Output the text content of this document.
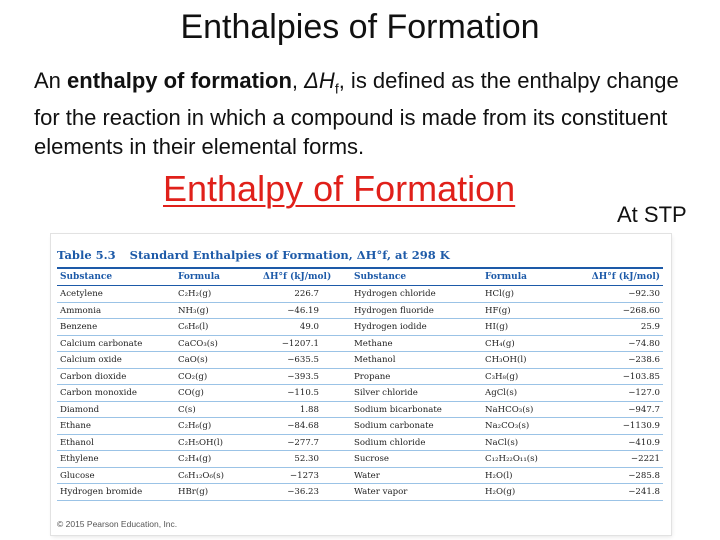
Enthalpies of Formation
An enthalpy of formation, $\Delta H_f$, is defined as the enthalpy change for the reaction in which a compound is made from its constituent elements in their elemental forms.
Enthalpy of Formation
At STP
Table 5.3 Standard Enthalpies of Formation, ΔH°f, at 298 K
Substance	Formula	ΔH°f (kJ/mol)	Substance	Formula	ΔH°f (kJ/mol)
Acetylene	C₂H₂(g)	226.7	Hydrogen chloride	HCl(g)	−92.30
Ammonia	NH₃(g)	−46.19	Hydrogen fluoride	HF(g)	−268.60
Benzene	C₆H₆(l)	49.0	Hydrogen iodide	HI(g)	25.9
Calcium carbonate	CaCO₃(s)	−1207.1	Methane	CH₄(g)	−74.80
Calcium oxide	CaO(s)	−635.5	Methanol	CH₃OH(l)	−238.6
Carbon dioxide	CO₂(g)	−393.5	Propane	C₃H₈(g)	−103.85
Carbon monoxide	CO(g)	−110.5	Silver chloride	AgCl(s)	−127.0
Diamond	C(s)	1.88	Sodium bicarbonate	NaHCO₃(s)	−947.7
Ethane	C₂H₆(g)	−84.68	Sodium carbonate	Na₂CO₃(s)	−1130.9
Ethanol	C₂H₅OH(l)	−277.7	Sodium chloride	NaCl(s)	−410.9
Ethylene	C₂H₄(g)	52.30	Sucrose	C₁₂H₂₂O₁₁(s)	−2221
Glucose	C₆H₁₂O₆(s)	−1273	Water	H₂O(l)	−285.8
Hydrogen bromide	HBr(g)	−36.23	Water vapor	H₂O(g)	−241.8
© 2015 Pearson Education, Inc.
